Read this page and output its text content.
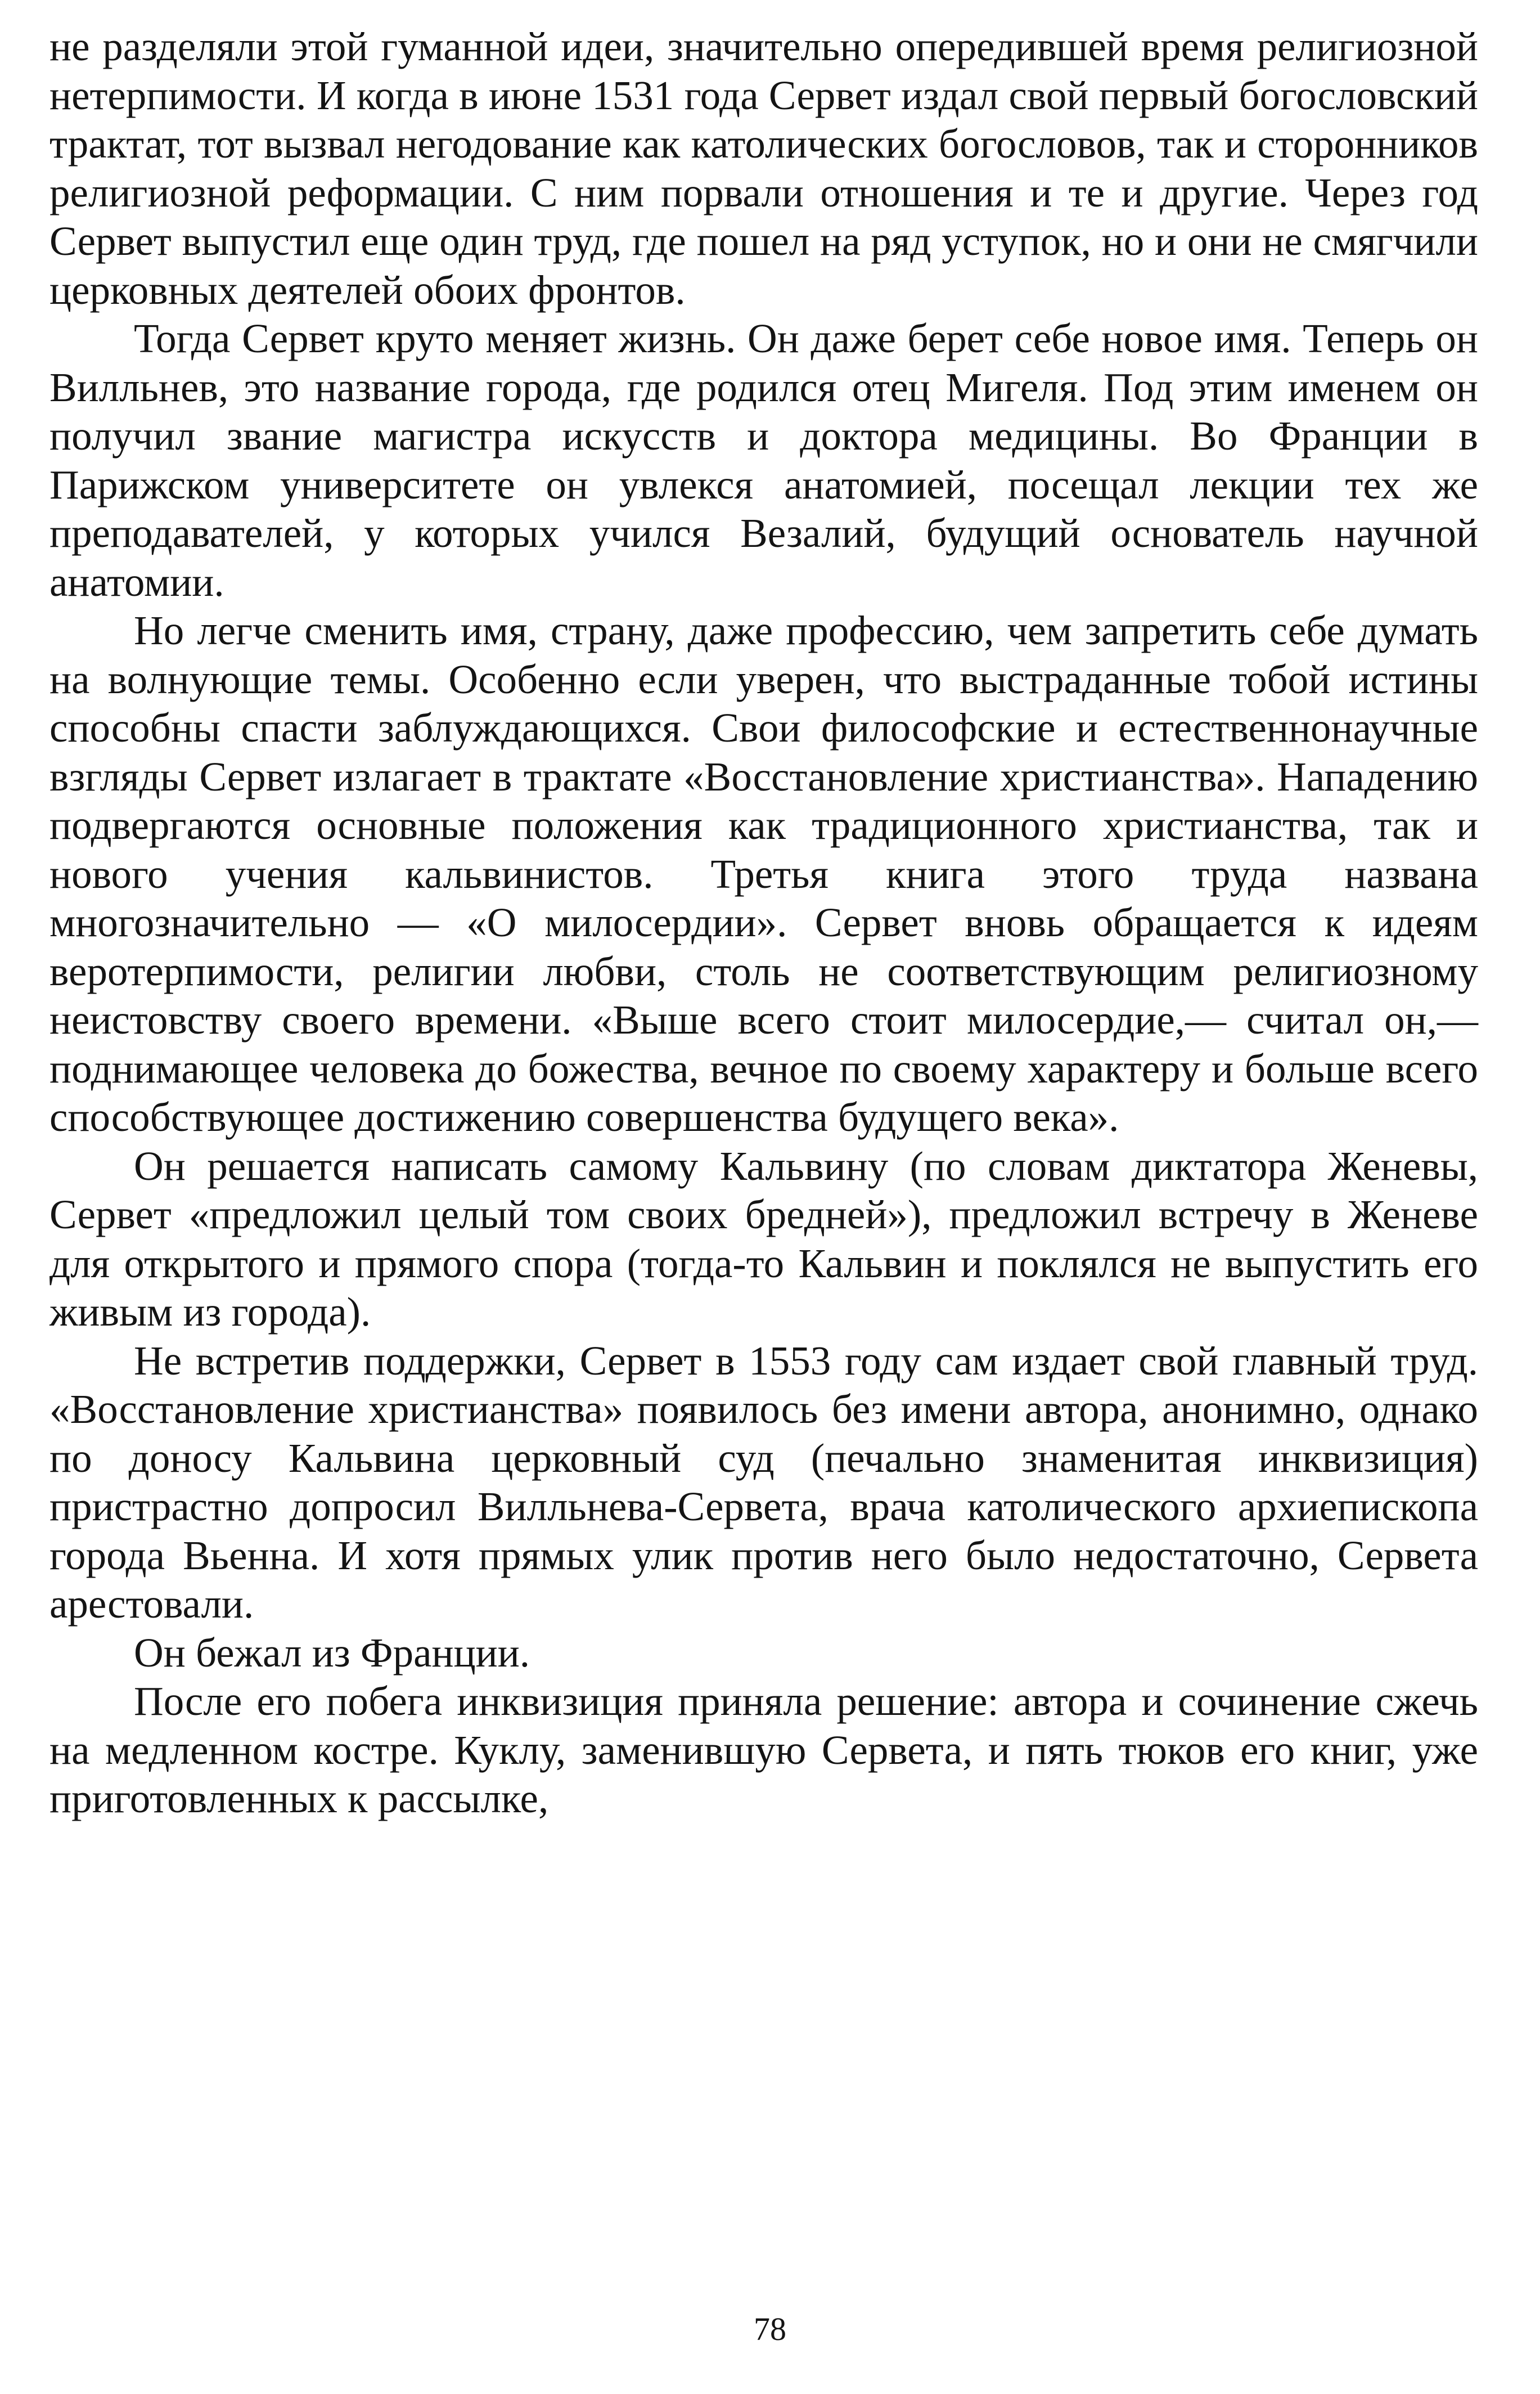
не разделяли этой гуманной идеи, значительно опередившей время религиозной нетерпимости. И когда в июне 1531 года Сервет издал свой первый богословский трактат, тот вызвал негодование как католических богословов, так и сторонников религиозной реформации. С ним порвали отношения и те и другие. Через год Сервет выпустил еще один труд, где пошел на ряд уступок, но и они не смягчили церковных деятелей обоих фронтов.

Тогда Сервет круто меняет жизнь. Он даже берет себе новое имя. Теперь он Вилльнев, это название города, где родился отец Мигеля. Под этим именем он получил звание магистра искусств и доктора медицины. Во Франции в Парижском университете он увлекся анатомией, посещал лекции тех же преподавателей, у которых учился Везалий, будущий основатель научной анатомии.

Но легче сменить имя, страну, даже профессию, чем запретить себе думать на волнующие темы. Особенно если уверен, что выстраданные тобой истины способны спасти заблуждающихся. Свои философские и естественнонаучные взгляды Сервет излагает в трактате «Восстановление христианства». Нападению подвергаются основные положения как традиционного христианства, так и нового учения кальвинистов. Третья книга этого труда названа многозначительно — «О милосердии». Сервет вновь обращается к идеям веротерпимости, религии любви, столь не соответствующим религиозному неистовству своего времени. «Выше всего стоит милосердие,— считал он,— поднимающее человека до божества, вечное по своему характеру и больше всего способствующее достижению совершенства будущего века».

Он решается написать самому Кальвину (по словам диктатора Женевы, Сервет «предложил целый том своих бредней»), предложил встречу в Женеве для открытого и прямого спора (тогда-то Кальвин и поклялся не выпустить его живым из города).

Не встретив поддержки, Сервет в 1553 году сам издает свой главный труд. «Восстановление христианства» появилось без имени автора, анонимно, однако по доносу Кальвина церковный суд (печально знаменитая инквизиция) пристрастно допросил Вилльнева-Сервета, врача католического архиепископа города Вьенна. И хотя прямых улик против него было недостаточно, Сервета арестовали.

Он бежал из Франции.

После его побега инквизиция приняла решение: автора и сочинение сжечь на медленном костре. Куклу, заменившую Сервета, и пять тюков его книг, уже приготовленных к рассылке,

78
